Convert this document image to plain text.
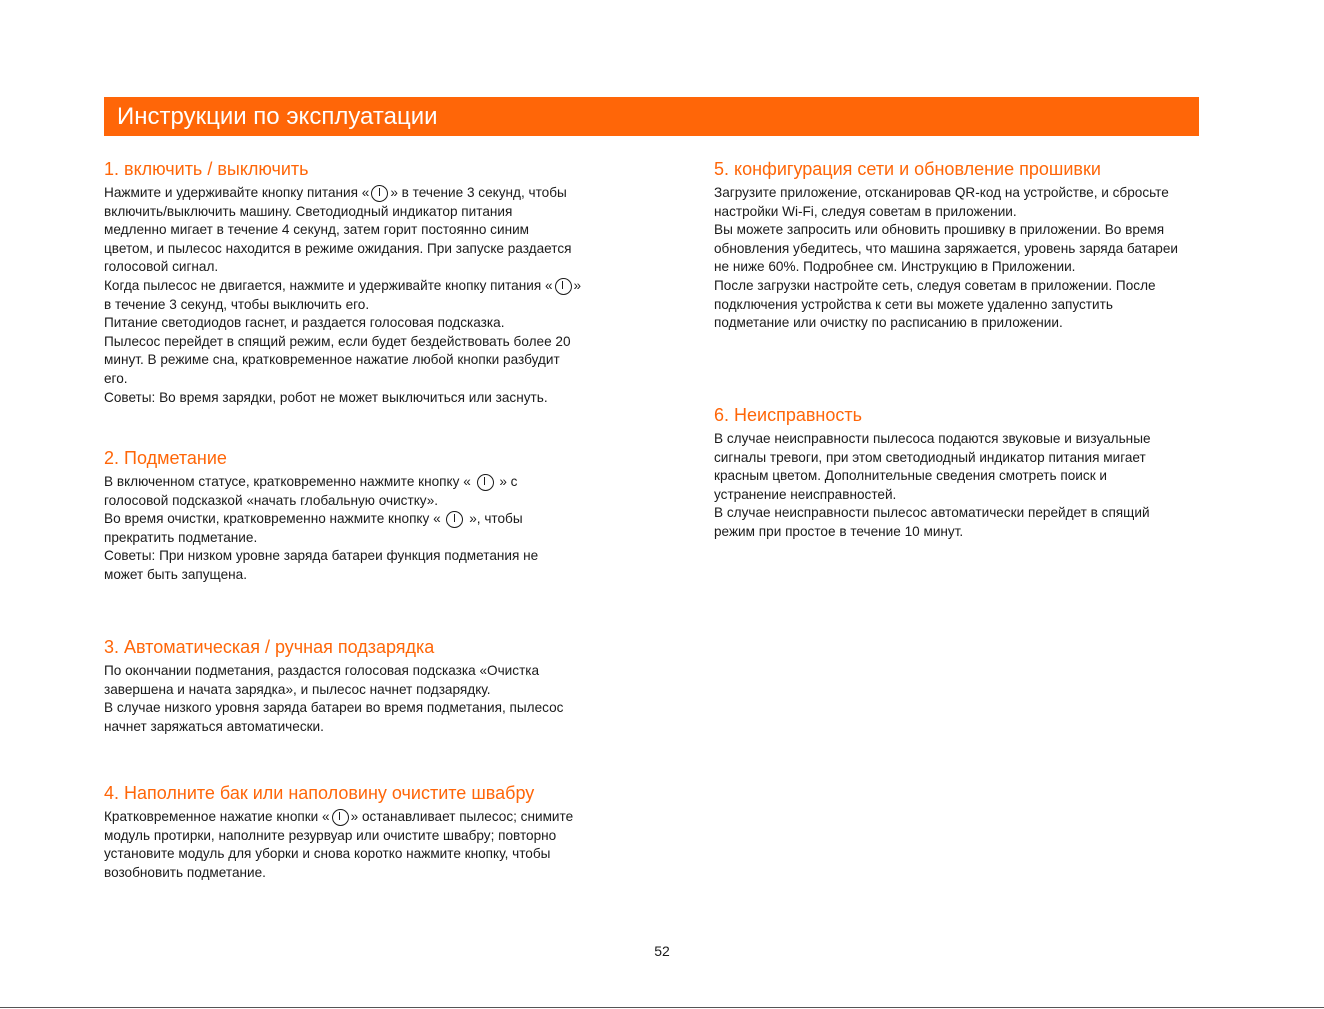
Инструкции по эксплуатации
1. включить / выключить
Нажмите и удерживайте кнопку питания « » в течение 3 секунд, чтобы
включить/выключить машину. Светодиодный индикатор питания
медленно мигает в течение 4 секунд, затем горит постоянно синим
цветом, и пылесос находится в режиме ожидания. При запуске раздается
голосовой сигнал.
Когда пылесос не двигается, нажмите и удерживайте кнопку питания « »
в течение 3 секунд, чтобы выключить его.
Питание светодиодов гаснет, и раздается голосовая подсказка.
Пылесос перейдет в спящий режим, если будет бездействовать более 20
минут. В режиме сна, кратковременное нажатие любой кнопки разбудит
его.
Советы: Во время зарядки, робот не может выключиться или заснуть.
2. Подметание
В включенном статусе, кратковременно нажмите кнопку «  » с
голосовой подсказкой «начать глобальную очистку».
Во время очистки, кратковременно нажмите кнопку «  », чтобы
прекратить подметание.
Советы: При низком уровне заряда батареи функция подметания не
может быть запущена.
3. Автоматическая / ручная подзарядка
По окончании подметания, раздастся голосовая подсказка «Очистка
завершена и начата зарядка», и пылесос начнет подзарядку.
В случае низкого уровня заряда батареи во время подметания, пылесос
начнет заряжаться автоматически.
4. Наполните бак или наполовину очистите швабру
Кратковременное нажатие кнопки « » останавливает пылесос; снимите
модуль протирки, наполните резурвуар или очистите швабру; повторно
установите модуль для уборки и снова коротко нажмите кнопку, чтобы
возобновить подметание.
5. конфигурация сети и обновление прошивки
Загрузите приложение, отсканировав QR-код на устройстве, и сбросьте
настройки Wi-Fi, следуя советам в приложении.
Вы можете запросить или обновить прошивку в приложении. Во время
обновления убедитесь, что машина заряжается, уровень заряда батареи
не ниже 60%. Подробнее см. Инструкцию в Приложении.
После загрузки настройте сеть, следуя советам в приложении. После
подключения устройства к сети вы можете удаленно запустить
подметание или очистку по расписанию в приложении.
6. Неисправность
В случае неисправности пылесоса подаются звуковые и визуальные
сигналы тревоги, при этом светодиодный индикатор питания мигает
красным цветом. Дополнительные сведения смотреть поиск и
устранение неисправностей.
В случае неисправности пылесос автоматически перейдет в спящий
режим при простое в течение 10 минут.
52
